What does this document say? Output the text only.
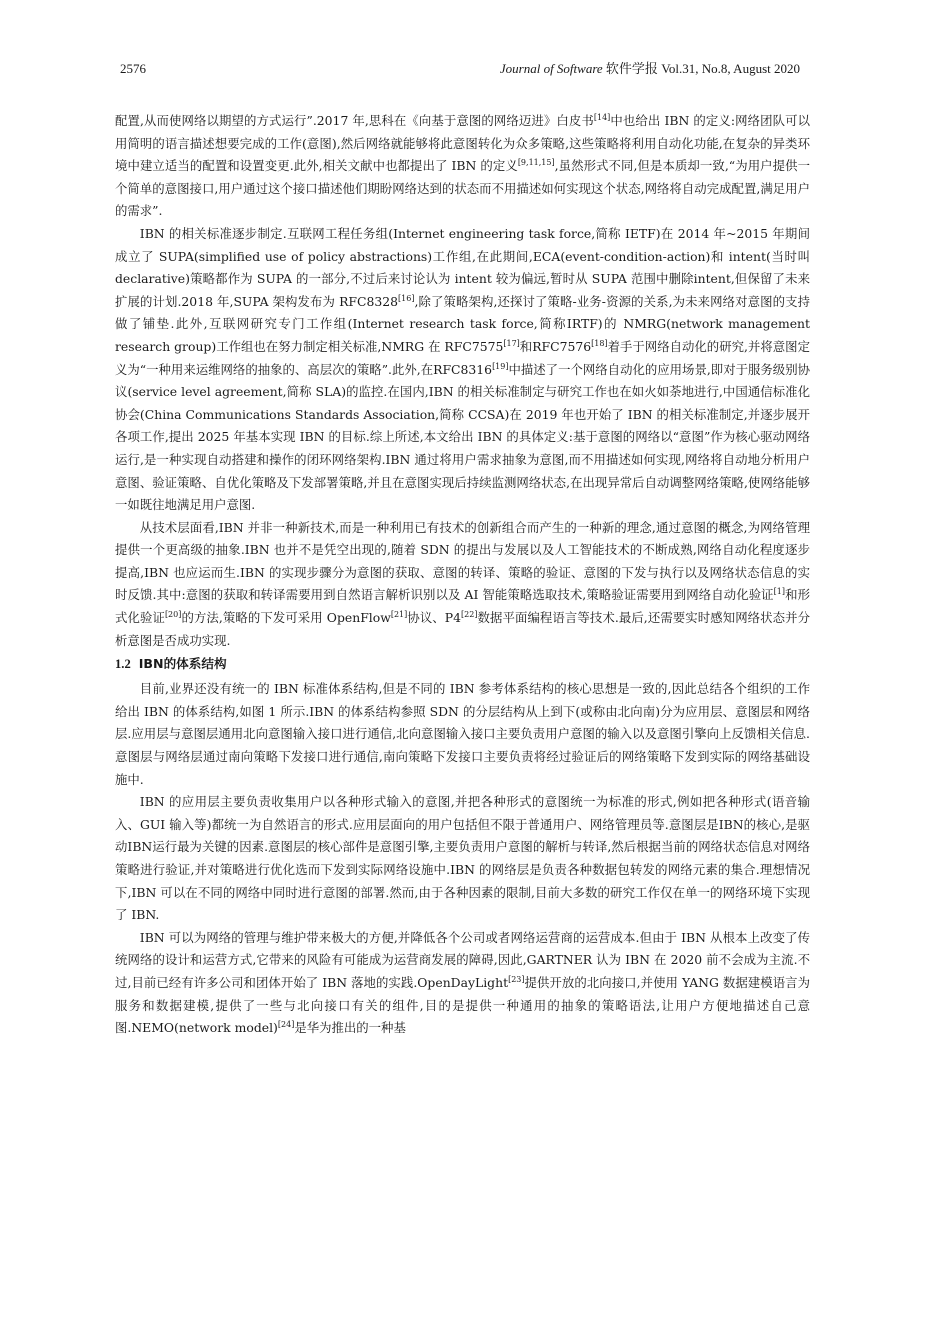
2576	Journal of Software 软件学报 Vol.31, No.8, August 2020

配置,从而使网络以期望的方式运行”.2017 年,思科在《向基于意图的网络迈进》白皮书[14]中也给出 IBN 的定义:网络团队可以用简明的语言描述想要完成的工作(意图),然后网络就能够将此意图转化为众多策略,这些策略将利用自动化功能,在复杂的异类环境中建立适当的配置和设置变更.此外,相关文献中也都提出了 IBN 的定义[9,11,15],虽然形式不同,但是本质却一致,“为用户提供一个简单的意图接口,用户通过这个接口描述他们期盼网络达到的状态而不用描述如何实现这个状态,网络将自动完成配置,满足用户的需求”.

IBN 的相关标准逐步制定.互联网工程任务组(Internet engineering task force,简称 IETF)在 2014 年~2015 年期间成立了 SUPA(simplified use of policy abstractions)工作组,在此期间,ECA(event-condition-action)和 intent(当时叫 declarative)策略都作为 SUPA 的一部分,不过后来讨论认为 intent 较为偏远,暂时从 SUPA 范围中删除intent,但保留了未来扩展的计划.2018 年,SUPA 架构发布为 RFC8328[16],除了策略架构,还探讨了策略-业务-资源的关系,为未来网络对意图的支持做了铺垫.此外,互联网研究专门工作组(Internet research task force,简称IRTF)的 NMRG(network management research group)工作组也在努力制定相关标准,NMRG 在 RFC7575[17]和RFC7576[18]着手于网络自动化的研究,并将意图定义为“一种用来运维网络的抽象的、高层次的策略”.此外,在RFC8316[19]中描述了一个网络自动化的应用场景,即对于服务级别协议(service level agreement,简称 SLA)的监控.在国内,IBN 的相关标准制定与研究工作也在如火如荼地进行,中国通信标准化协会(China Communications Standards Association,简称 CCSA)在 2019 年也开始了 IBN 的相关标准制定,并逐步展开各项工作,提出 2025 年基本实现 IBN 的目标.综上所述,本文给出 IBN 的具体定义:基于意图的网络以“意图”作为核心驱动网络运行,是一种实现自动搭建和操作的闭环网络架构.IBN 通过将用户需求抽象为意图,而不用描述如何实现,网络将自动地分析用户意图、验证策略、自优化策略及下发部署策略,并且在意图实现后持续监测网络状态,在出现异常后自动调整网络策略,使网络能够一如既往地满足用户意图.

从技术层面看,IBN 并非一种新技术,而是一种利用已有技术的创新组合而产生的一种新的理念,通过意图的概念,为网络管理提供一个更高级的抽象.IBN 也并不是凭空出现的,随着 SDN 的提出与发展以及人工智能技术的不断成熟,网络自动化程度逐步提高,IBN 也应运而生.IBN 的实现步骤分为意图的获取、意图的转译、策略的验证、意图的下发与执行以及网络状态信息的实时反馈.其中:意图的获取和转译需要用到自然语言解析识别以及 AI 智能策略选取技术,策略验证需要用到网络自动化验证[1]和形式化验证[20]的方法,策略的下发可采用 OpenFlow[21]协议、P4[22]数据平面编程语言等技术.最后,还需要实时感知网络状态并分析意图是否成功实现.

1.2 IBN的体系结构

目前,业界还没有统一的 IBN 标准体系结构,但是不同的 IBN 参考体系结构的核心思想是一致的,因此总结各个组织的工作给出 IBN 的体系结构,如图 1 所示.IBN 的体系结构参照 SDN 的分层结构从上到下(或称由北向南)分为应用层、意图层和网络层.应用层与意图层通用北向意图输入接口进行通信,北向意图输入接口主要负责用户意图的输入以及意图引擎向上反馈相关信息.意图层与网络层通过南向策略下发接口进行通信,南向策略下发接口主要负责将经过验证后的网络策略下发到实际的网络基础设施中.

IBN 的应用层主要负责收集用户以各种形式输入的意图,并把各种形式的意图统一为标准的形式,例如把各种形式(语音输入、GUI 输入等)都统一为自然语言的形式.应用层面向的用户包括但不限于普通用户、网络管理员等.意图层是IBN的核心,是驱动IBN运行最为关键的因素.意图层的核心部件是意图引擎,主要负责用户意图的解析与转译,然后根据当前的网络状态信息对网络策略进行验证,并对策略进行优化选而下发到实际网络设施中.IBN 的网络层是负责各种数据包转发的网络元素的集合.理想情况下,IBN 可以在不同的网络中同时进行意图的部署.然而,由于各种因素的限制,目前大多数的研究工作仅在单一的网络环境下实现了 IBN.

IBN 可以为网络的管理与维护带来极大的方便,并降低各个公司或者网络运营商的运营成本.但由于 IBN 从根本上改变了传统网络的设计和运营方式,它带来的风险有可能成为运营商发展的障碍,因此,GARTNER 认为 IBN 在 2020 前不会成为主流.不过,目前已经有许多公司和团体开始了 IBN 落地的实践.OpenDayLight[23]提供开放的北向接口,并使用 YANG 数据建模语言为服务和数据建模,提供了一些与北向接口有关的组件,目的是提供一种通用的抽象的策略语法,让用户方便地描述自己意图.NEMO(network model)[24]是华为推出的一种基
